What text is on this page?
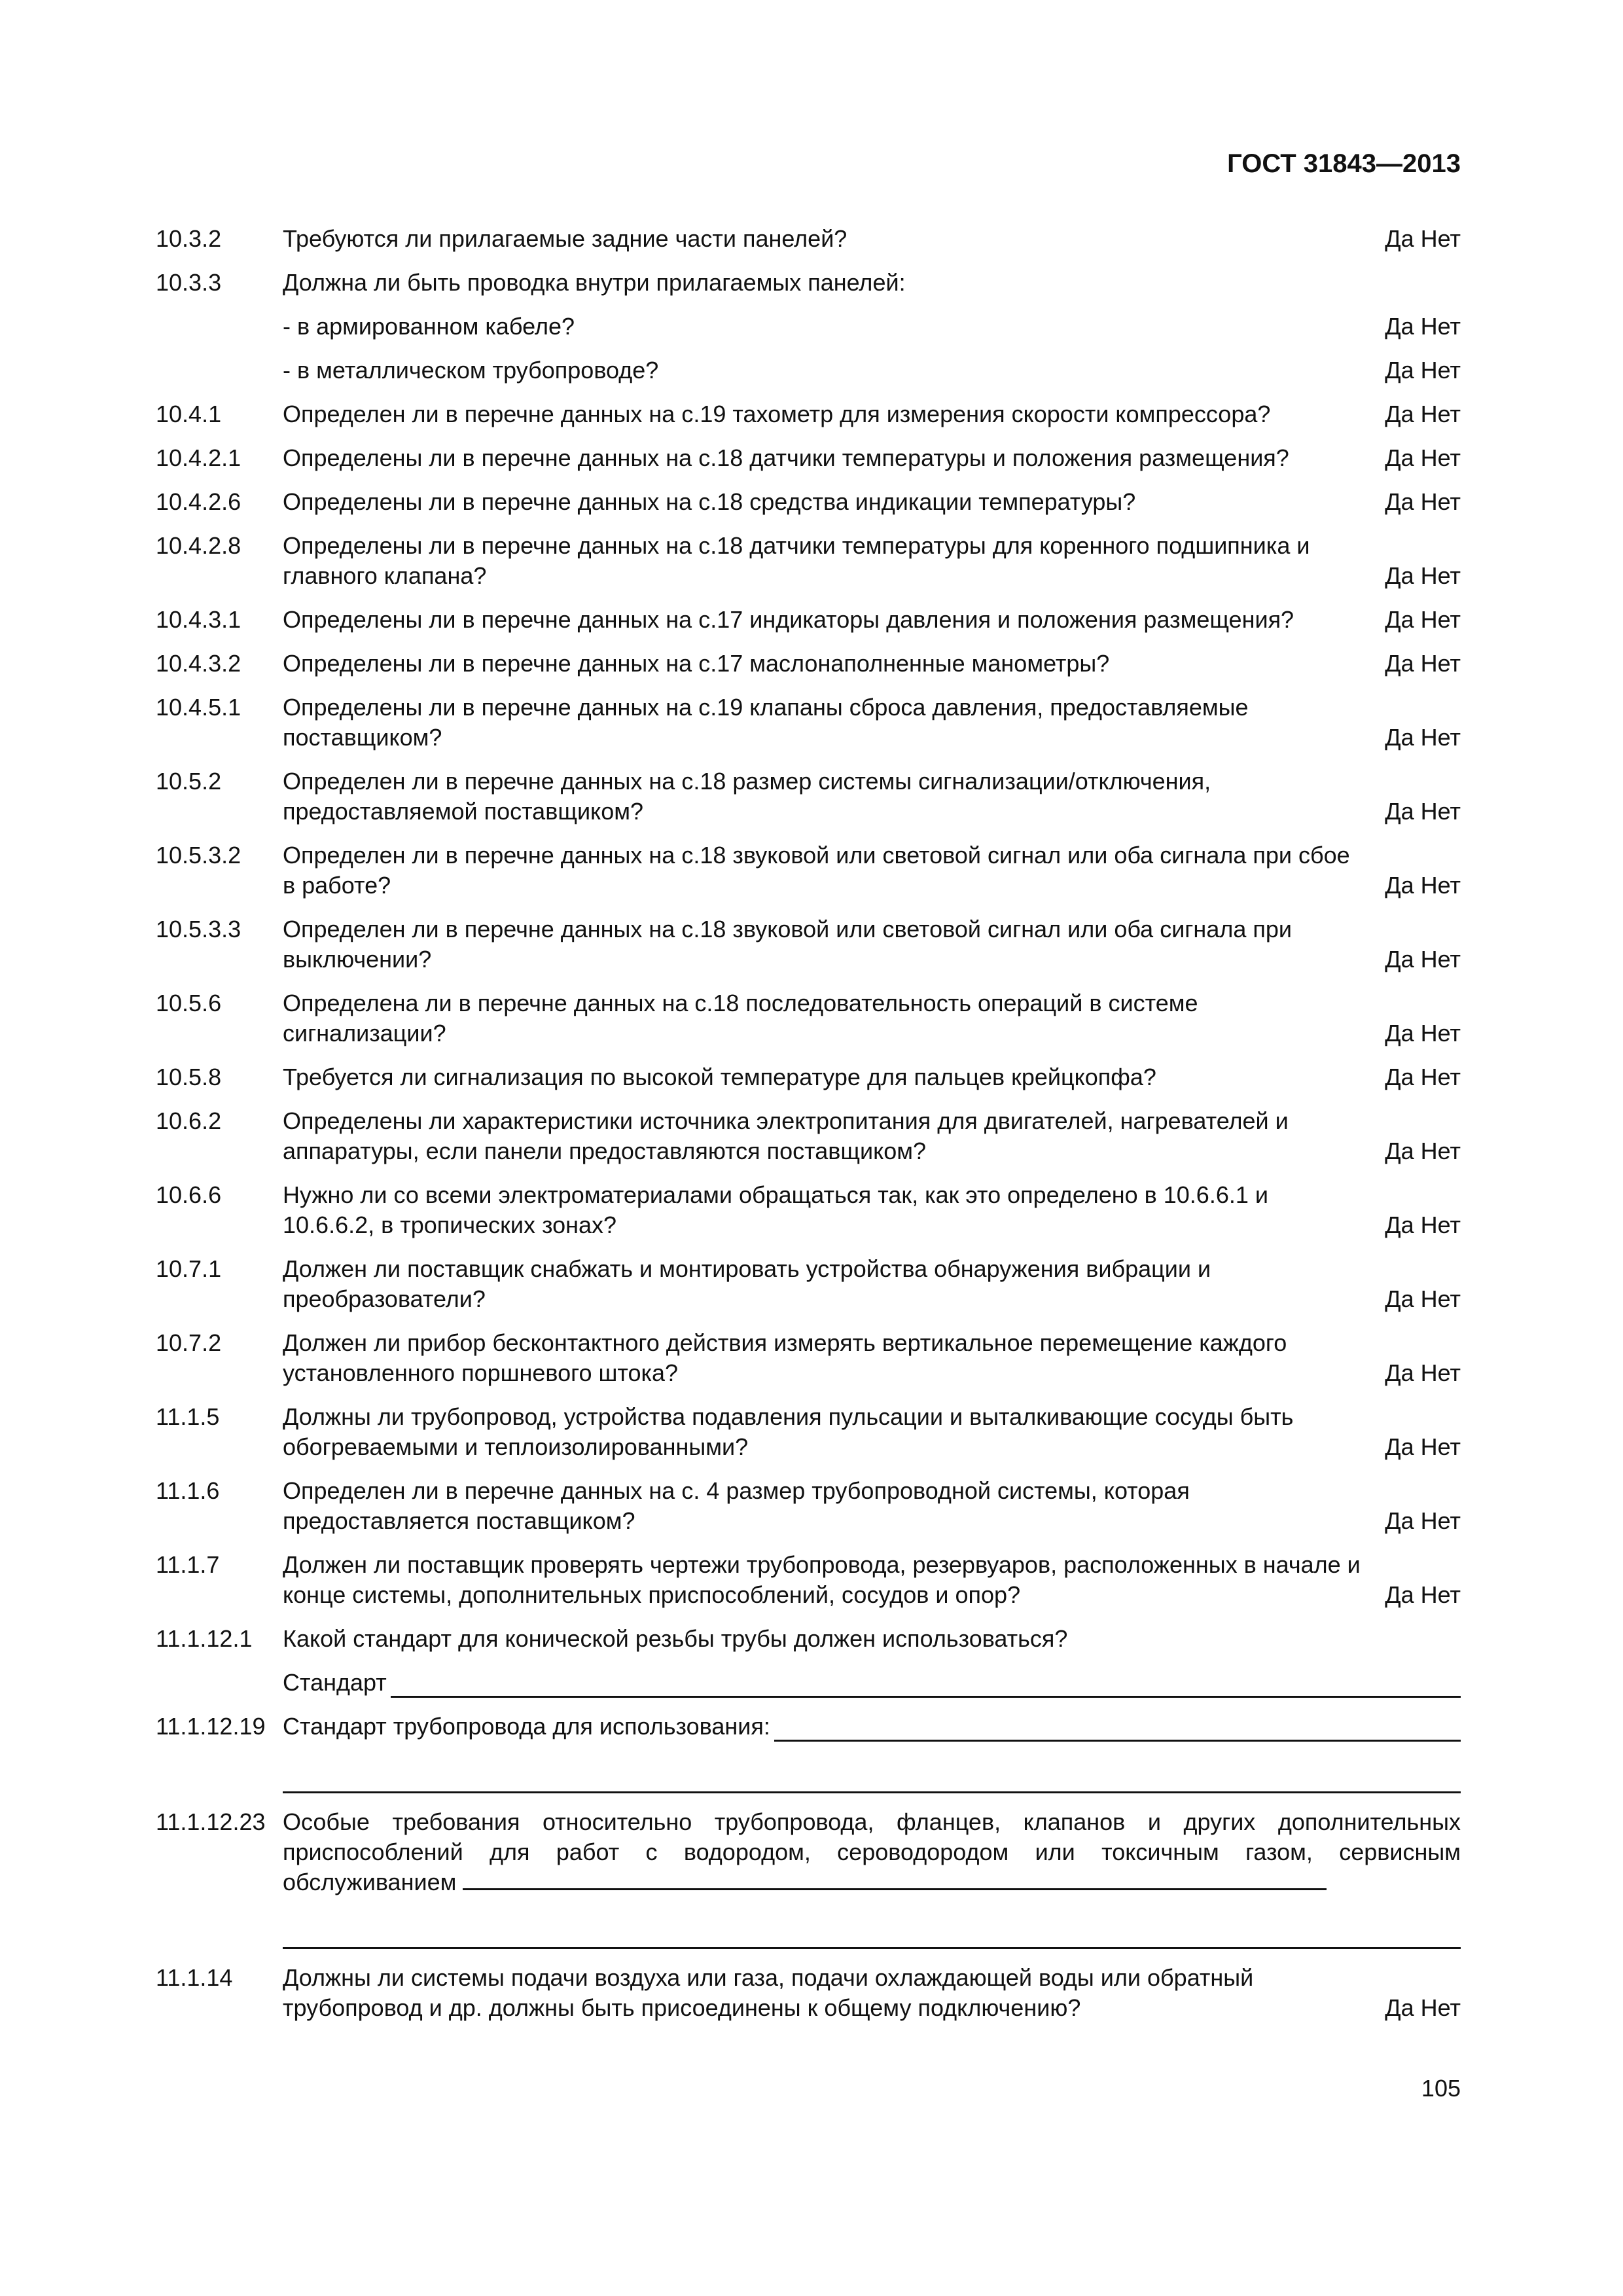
ГОСТ 31843—2013
10.3.2	Требуются ли прилагаемые задние части панелей?	Да Нет
10.3.3	Должна ли быть проводка внутри прилагаемых панелей:
- в армированном кабеле?	Да Нет
- в металлическом трубопроводе?	Да Нет
10.4.1	Определен ли в перечне данных на с.19 тахометр для измерения скорости компрессора?	Да Нет
10.4.2.1	Определены ли в перечне данных на с.18 датчики температуры и положения размещения?	Да Нет
10.4.2.6	Определены ли в перечне данных на с.18 средства индикации температуры?	Да Нет
10.4.2.8	Определены ли в перечне данных на с.18 датчики температуры для коренного подшипника и главного клапана?	Да Нет
10.4.3.1	Определены ли в перечне данных на с.17 индикаторы давления и положения размещения?	Да Нет
10.4.3.2	Определены ли в перечне данных на с.17 маслонаполненные манометры?	Да Нет
10.4.5.1	Определены ли в перечне данных на с.19 клапаны сброса давления, предоставляемые поставщиком?	Да Нет
10.5.2	Определен ли в перечне данных на с.18 размер системы сигнализации/отключения, предоставляемой поставщиком?	Да Нет
10.5.3.2	Определен ли в перечне данных на с.18 звуковой или световой сигнал или оба сигнала при сбое в работе?	Да Нет
10.5.3.3	Определен ли в перечне данных на с.18 звуковой или световой сигнал или оба сигнала при выключении?	Да Нет
10.5.6	Определена ли в перечне данных на с.18 последовательность операций в системе сигнализации?	Да Нет
10.5.8	Требуется ли сигнализация по высокой температуре для пальцев крейцкопфа?	Да Нет
10.6.2	Определены ли характеристики источника электропитания для двигателей, нагревателей и аппаратуры, если панели предоставляются поставщиком?	Да Нет
10.6.6	Нужно ли со всеми электроматериалами обращаться так, как это определено в 10.6.6.1 и 10.6.6.2, в тропических зонах?	Да Нет
10.7.1	Должен ли поставщик снабжать и монтировать устройства обнаружения вибрации и преобразователи?	Да Нет
10.7.2	Должен ли прибор бесконтактного действия измерять вертикальное перемещение каждого установленного поршневого штока?	Да Нет
11.1.5	Должны ли трубопровод, устройства подавления пульсации и выталкивающие сосуды быть обогреваемыми и теплоизолированными?	Да Нет
11.1.6	Определен ли в перечне данных на с. 4 размер трубопроводной системы, которая предоставляется поставщиком?	Да Нет
11.1.7	Должен ли поставщик проверять чертежи трубопровода, резервуаров, расположенных в начале и конце системы, дополнительных приспособлений, сосудов и опор?	Да Нет
11.1.12.1	Какой стандарт для конической резьбы трубы должен использоваться?
Стандарт
11.1.12.19 Стандарт трубопровода для использования:
11.1.12.23 Особые требования относительно трубопровода, фланцев, клапанов и других дополнительных приспособлений для работ с водородом, сероводородом или токсичным газом, сервисным обслуживанием
11.1.14	Должны ли системы подачи воздуха или газа, подачи охлаждающей воды или обратный трубопровод и др. должны быть присоединены к общему подключению?	Да Нет
105
